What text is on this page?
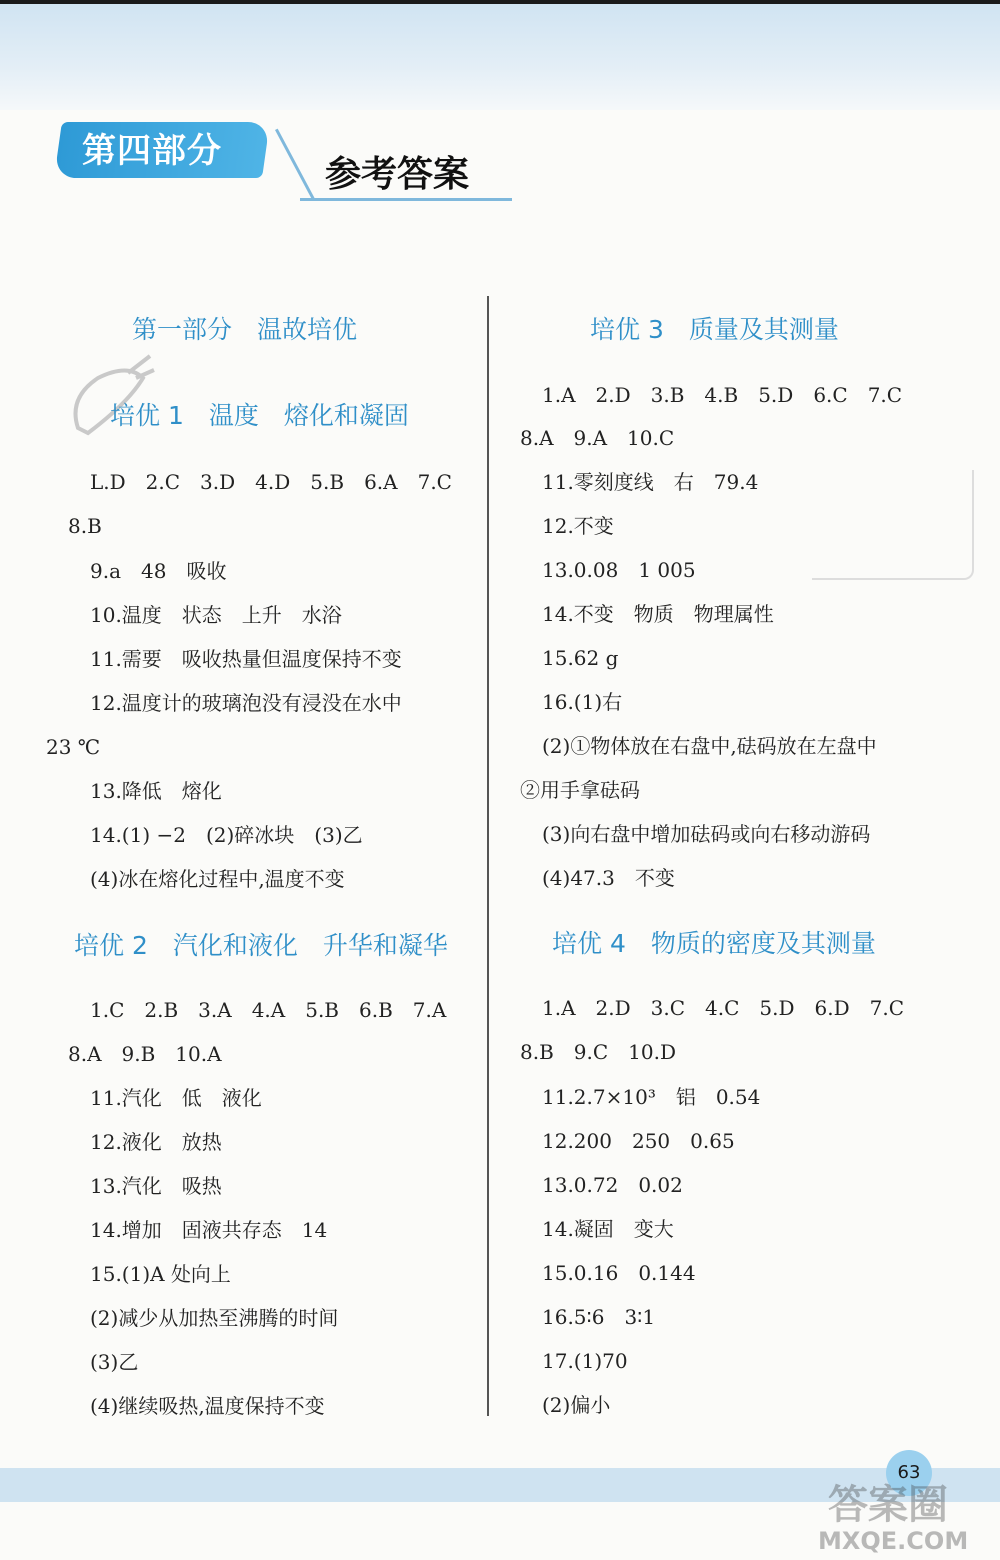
第四部分
参考答案
第一部分　温故培优
培优 1　温度　熔化和凝固
L.D　2.C　3.D　4.D　5.B　6.A　7.C
8.B
9.a　48　吸收
10.温度　状态　上升　水浴
11.需要　吸收热量但温度保持不变
12.温度计的玻璃泡没有浸没在水中
23 ℃
13.降低　熔化
14.(1) −2　(2)碎冰块　(3)乙
(4)冰在熔化过程中,温度不变
培优 2　汽化和液化　升华和凝华
1.C　2.B　3.A　4.A　5.B　6.B　7.A
8.A　9.B　10.A
11.汽化　低　液化
12.液化　放热
13.汽化　吸热
14.增加　固液共存态　14
15.(1)A 处向上
(2)减少从加热至沸腾的时间
(3)乙
(4)继续吸热,温度保持不变
培优 3　质量及其测量
1.A　2.D　3.B　4.B　5.D　6.C　7.C
8.A　9.A　10.C
11.零刻度线　右　79.4
12.不变
13.0.08　1 005
14.不变　物质　物理属性
15.62 g
16.(1)右
(2)①物体放在右盘中,砝码放在左盘中
②用手拿砝码
(3)向右盘中增加砝码或向右移动游码
(4)47.3　不变
培优 4　物质的密度及其测量
1.A　2.D　3.C　4.C　5.D　6.D　7.C
8.B　9.C　10.D
11.2.7×10³　铝　0.54
12.200　250　0.65
13.0.72　0.02
14.凝固　变大
15.0.16　0.144
16.5∶6　3∶1
17.(1)70
(2)偏小
63
答案圈
MXQE.COM
